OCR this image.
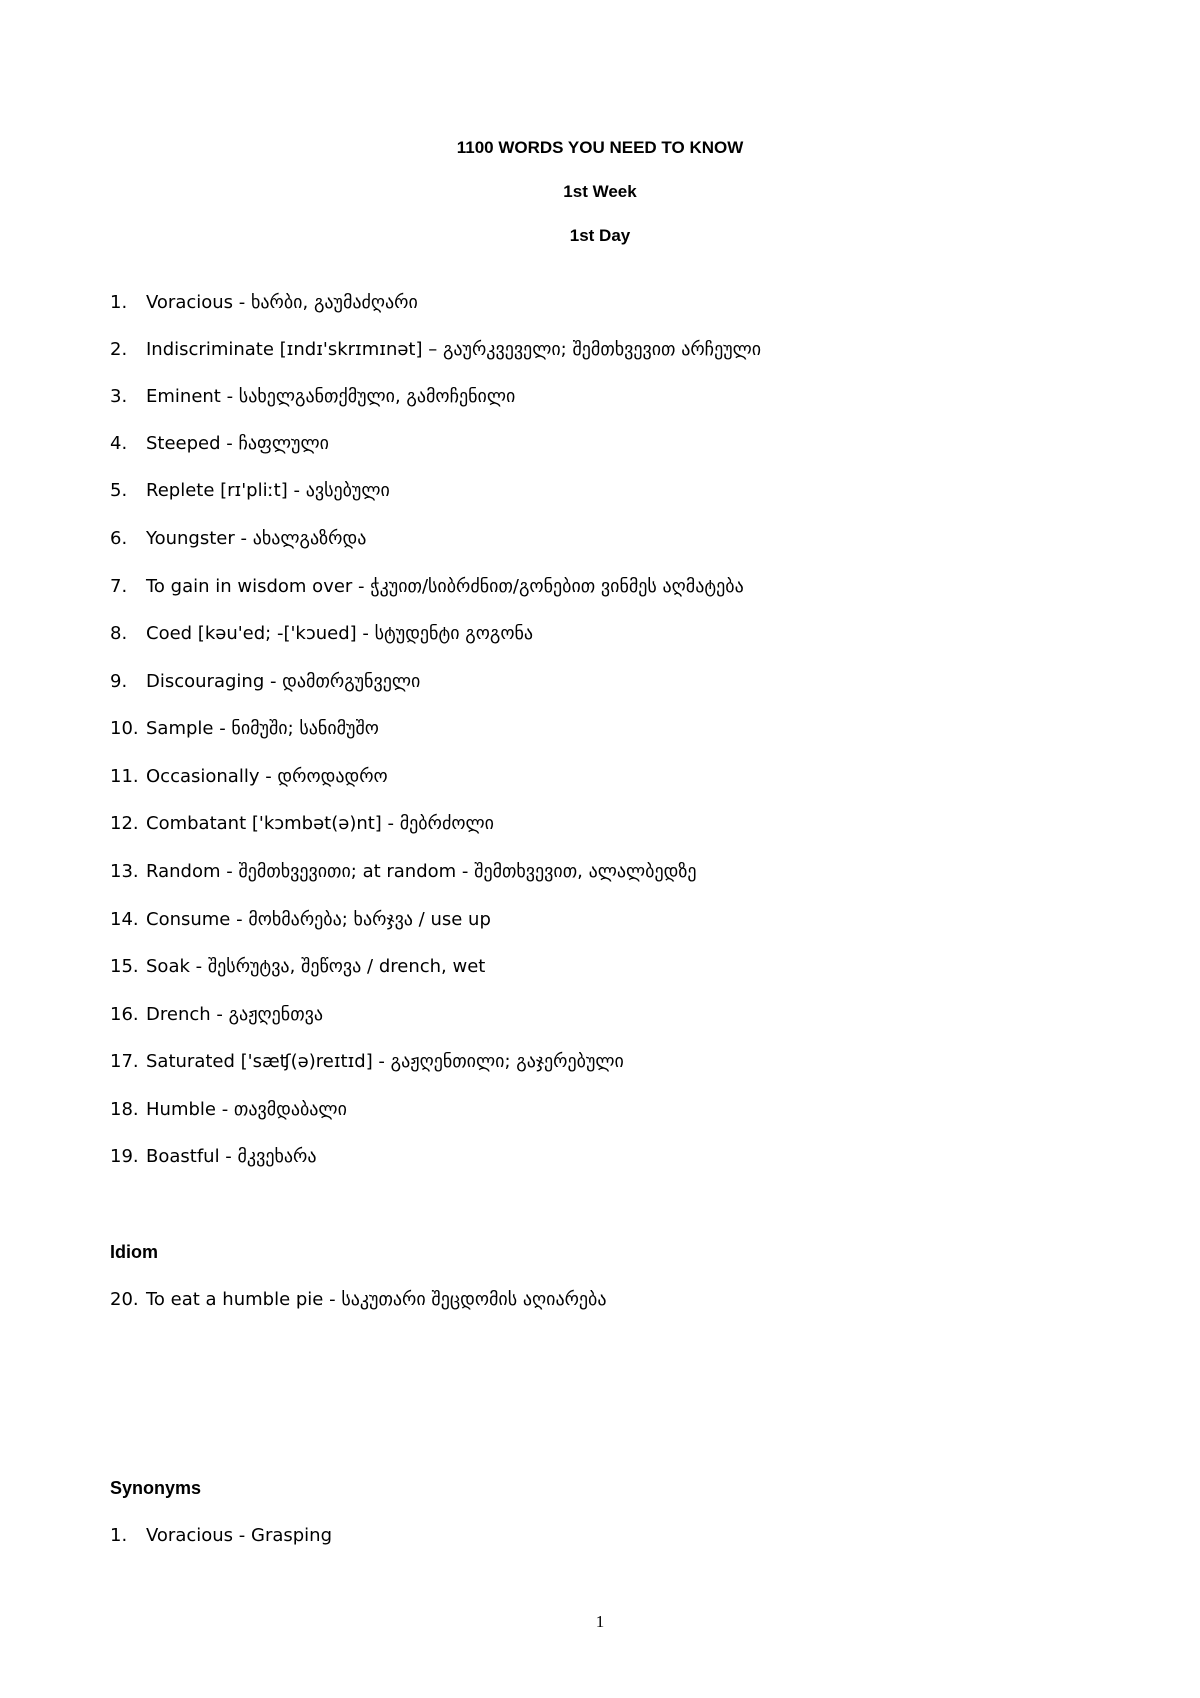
1100 WORDS YOU NEED TO KNOW
1st Week
1st Day
1. Voracious - ხარბი, გაუმაძღარი
2. Indiscriminate [ɪndɪ'skrɪmɪnət] – გაურკვეველი; შემთხვევით არჩეული
3. Eminent - სახელგანთქმული, გამოჩენილი
4. Steeped - ჩაფლული
5. Replete [rɪ'pliːt] - ავსებული
6. Youngster - ახალგაზრდა
7. To gain in wisdom over - ჭკუით/სიბრძნით/გონებით ვინმეს აღმატება
8. Coed [kəu'ed; -['kɔued] - სტუდენტი გოგონა
9. Discouraging - დამთრგუნველი
10. Sample - ნიმუში; სანიმუშო
11. Occasionally - დროდადრო
12. Combatant ['kɔmbət(ə)nt] - მებრძოლი
13. Random - შემთხვევითი; at random - შემთხვევით, ალალბედზე
14. Consume - მოხმარება; ხარჯვა / use up
15. Soak - შესრუტვა, შეწოვა / drench, wet
16. Drench - გაჟღენთვა
17. Saturated ['sæʧ(ə)reɪtɪd] - გაჟღენთილი; გაჯერებული
18. Humble - თავმდაბალი
19. Boastful - მკვეხარა
Idiom
20. To eat a humble pie - საკუთარი შეცდომის აღიარება
Synonyms
1. Voracious - Grasping
1
